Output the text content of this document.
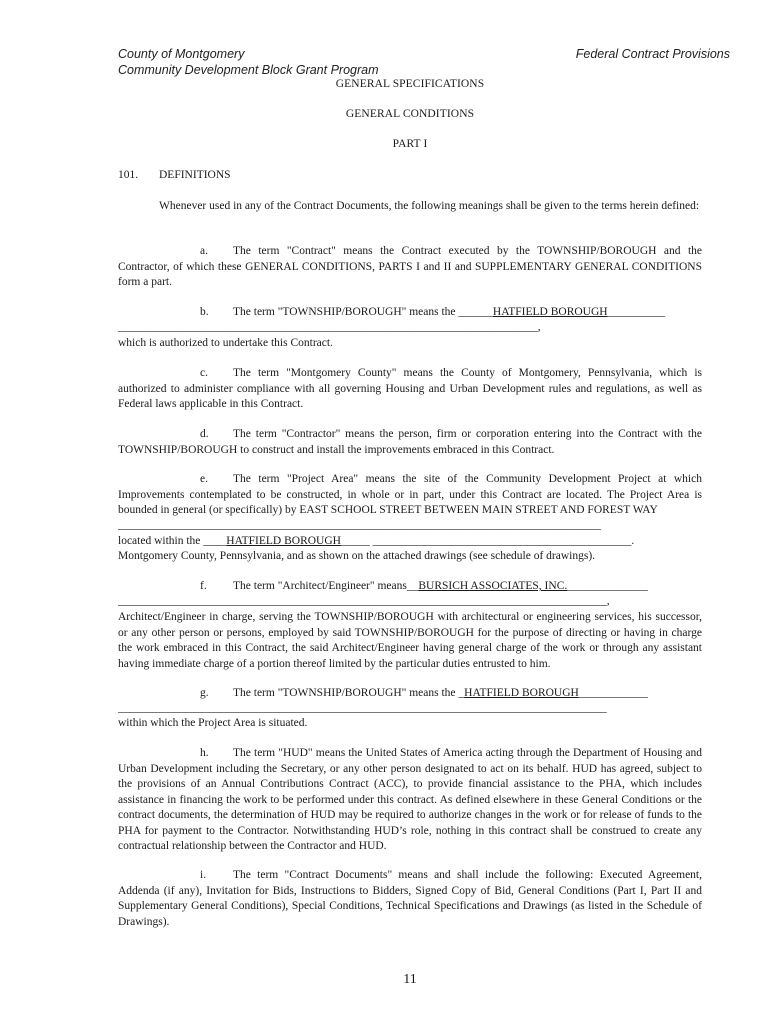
County of Montgomery
Community Development Block Grant Program
Federal Contract Provisions
GENERAL SPECIFICATIONS
GENERAL CONDITIONS
PART I
101. DEFINITIONS
Whenever used in any of the Contract Documents, the following meanings shall be given to the terms herein defined:
a. The term "Contract" means the Contract executed by the TOWNSHIP/BOROUGH and the Contractor, of which these GENERAL CONDITIONS, PARTS I and II and SUPPLEMENTARY GENERAL CONDITIONS form a part.
b. The term "TOWNSHIP/BOROUGH" means the ______HATFIELD BOROUGH__________
_________________________________________________________________________,
which is authorized to undertake this Contract.
c. The term "Montgomery County" means the County of Montgomery, Pennsylvania, which is authorized to administer compliance with all governing Housing and Urban Development rules and regulations, as well as Federal laws applicable in this Contract.
d. The term "Contractor" means the person, firm or corporation entering into the Contract with the TOWNSHIP/BOROUGH to construct and install the improvements embraced in this Contract.
e. The term "Project Area" means the site of the Community Development Project at which Improvements contemplated to be constructed, in whole or in part, under this Contract are located. The Project Area is bounded in general (or specifically) by EAST SCHOOL STREET BETWEEN MAIN STREET AND FOREST WAY
____________________________________________________________________________________
located within the ____HATFIELD BOROUGH_____ _____________________________________________.
Montgomery County, Pennsylvania, and as shown on the attached drawings (see schedule of drawings).
f. The term "Architect/Engineer" means__BURSICH ASSOCIATES, INC.______________
_____________________________________________________________________________________,
Architect/Engineer in charge, serving the TOWNSHIP/BOROUGH with architectural or engineering services, his successor, or any other person or persons, employed by said TOWNSHIP/BOROUGH for the purpose of directing or having in charge the work embraced in this Contract, the said Architect/Engineer having general charge of the work or through any assistant having immediate charge of a portion thereof limited by the particular duties entrusted to him.
g. The term "TOWNSHIP/BOROUGH" means the _HATFIELD BOROUGH____________
_____________________________________________________________________________________
within which the Project Area is situated.
h. The term "HUD" means the United States of America acting through the Department of Housing and Urban Development including the Secretary, or any other person designated to act on its behalf. HUD has agreed, subject to the provisions of an Annual Contributions Contract (ACC), to provide financial assistance to the PHA, which includes assistance in financing the work to be performed under this contract. As defined elsewhere in these General Conditions or the contract documents, the determination of HUD may be required to authorize changes in the work or for release of funds to the PHA for payment to the Contractor. Notwithstanding HUD’s role, nothing in this contract shall be construed to create any contractual relationship between the Contractor and HUD.
i. The term "Contract Documents" means and shall include the following: Executed Agreement, Addenda (if any), Invitation for Bids, Instructions to Bidders, Signed Copy of Bid, General Conditions (Part I, Part II and Supplementary General Conditions), Special Conditions, Technical Specifications and Drawings (as listed in the Schedule of Drawings).
11
